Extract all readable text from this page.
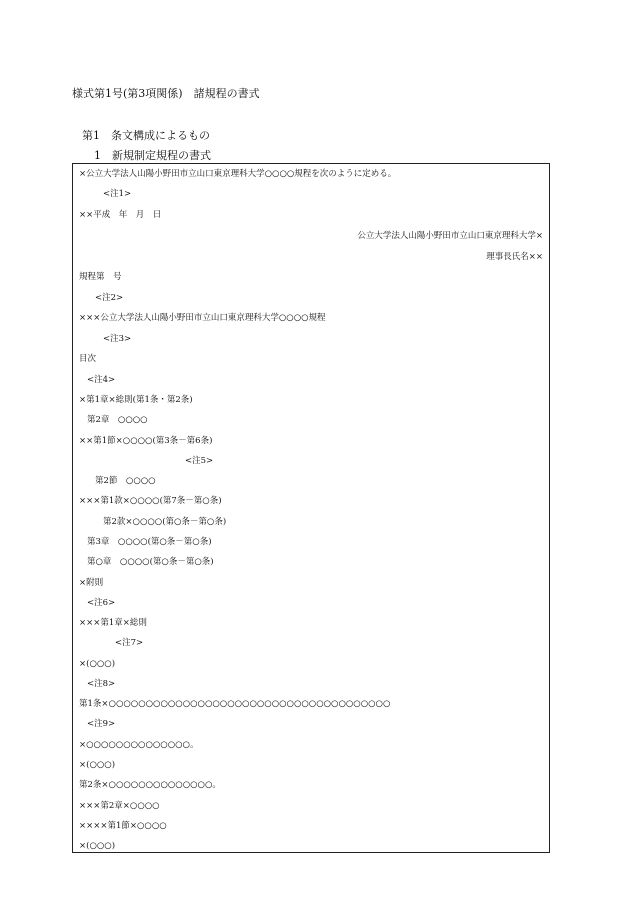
様式第1号(第3項関係)　諸規程の書式
第1　条文構成によるもの
1　新規制定規程の書式
×公立大学法人山陽小野田市立山口東京理科大学○○○○規程を次のように定める。
<注1>
××平成　年　月　日
公立大学法人山陽小野田市立山口東京理科大学×
理事長氏名××
規程第　号
<注2>
×××公立大学法人山陽小野田市立山口東京理科大学○○○○規程
<注3>
目次
<注4>
×第1章×総則(第1条・第2条)
第2章　○○○○
××第1節×○○○○(第3条－第6条)
<注5>
第2節　○○○○
×××第1款×○○○○(第7条－第○条)
第2款×○○○○(第○条－第○条)
第3章　○○○○(第○条－第○条)
第○章　○○○○(第○条－第○条)
×附則
<注6>
×××第1章×総則
<注7>
×(○○○)
<注8>
第1条×○○○○○○○○○○○○○○○○○○○○○○○○○○○○○○○○○○○○○○
<注9>
×○○○○○○○○○○○○○○。
×(○○○)
第2条×○○○○○○○○○○○○○○。
×××第2章×○○○○
××××第1節×○○○○
×(○○○)
